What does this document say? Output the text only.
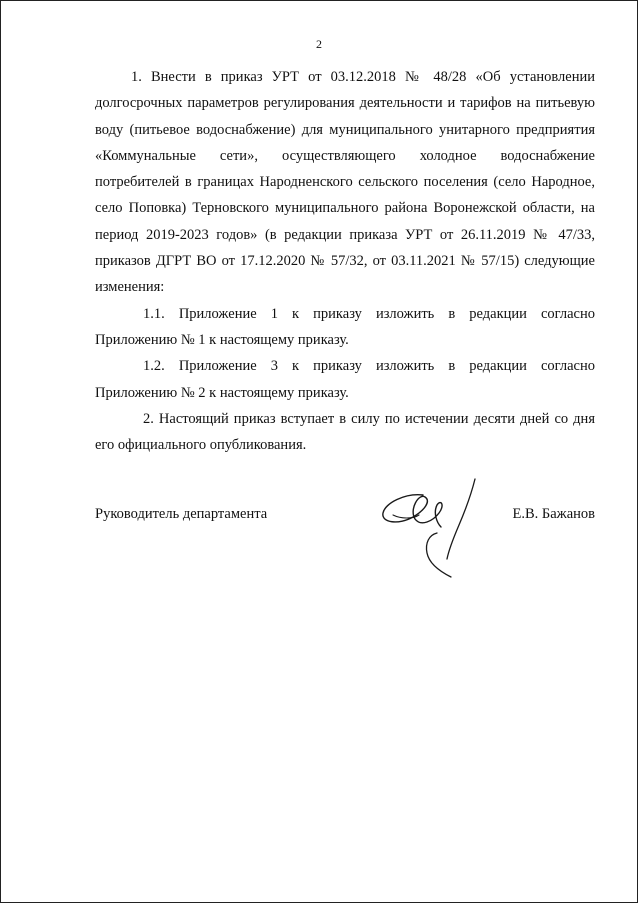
2

1. Внести в приказ УРТ от 03.12.2018 № 48/28 «Об установлении долгосрочных параметров регулирования деятельности и тарифов на питьевую воду (питьевое водоснабжение) для муниципального унитарного предприятия «Коммунальные сети», осуществляющего холодное водоснабжение потребителей в границах Народненского сельского поселения (село Народное, село Поповка) Терновского муниципального района Воронежской области, на период 2019-2023 годов» (в редакции приказа УРТ от 26.11.2019 № 47/33, приказов ДГРТ ВО от 17.12.2020 № 57/32, от 03.11.2021 № 57/15) следующие изменения:

1.1. Приложение 1 к приказу изложить в редакции согласно Приложению № 1 к настоящему приказу.

1.2. Приложение 3 к приказу изложить в редакции согласно Приложению № 2 к настоящему приказу.

2. Настоящий приказ вступает в силу по истечении десяти дней со дня его официального опубликования.

Руководитель департамента	Е.В. Бажанов
